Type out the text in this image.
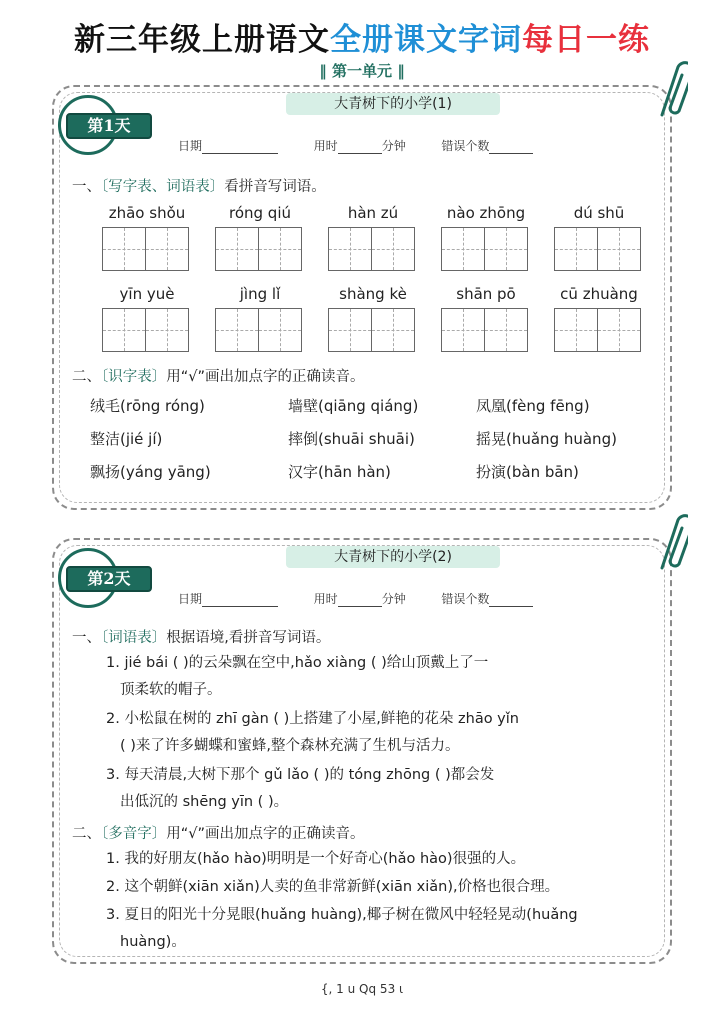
新三年级上册语文全册课文字词每日一练
‖ 第一单元 ‖
大青树下的小学(1)
第1天
日期	用时	分钟	错误个数
一、〔写字表、词语表〕看拼音写词语。
zhāo shǒu	róng qiú	hàn zú	nào zhōng	dú shū
yīn yuè	jìng lǐ	shàng kè	shān pō	cū zhuàng
二、〔识字表〕用“√”画出加点字的正确读音。
绒毛(rōng róng)	墙壁(qiāng qiáng)	凤凰(fèng fēng)
整洁(jié jí)	摔倒(shuāi shuāi)	摇晃(huǎng huàng)
飘扬(yáng yāng)	汉字(hān hàn)	扮演(bàn bān)
大青树下的小学(2)
第2天
日期	用时	分钟	错误个数
一、〔词语表〕根据语境,看拼音写词语。
1. jié bái ( )的云朵飘在空中,hǎo xiàng ( )给山顶戴上了一
顶柔软的帽子。
2. 小松鼠在树的 zhī gàn ( )上搭建了小屋,鲜艳的花朵 zhāo yǐn
( )来了许多蝴蝶和蜜蜂,整个森林充满了生机与活力。
3. 每天清晨,大树下那个 gǔ lǎo ( )的 tóng zhōng ( )都会发
出低沉的 shēng yīn ( )。
二、〔多音字〕用“√”画出加点字的正确读音。
1. 我的好朋友(hǎo hào)明明是一个好奇心(hǎo hào)很强的人。
2. 这个朝鲜(xiān xiǎn)人卖的鱼非常新鲜(xiān xiǎn),价格也很合理。
3. 夏日的阳光十分晃眼(huǎng huàng),椰子树在微风中轻轻晃动(huǎng
huàng)。
{, 1 u Qq 53 ι
